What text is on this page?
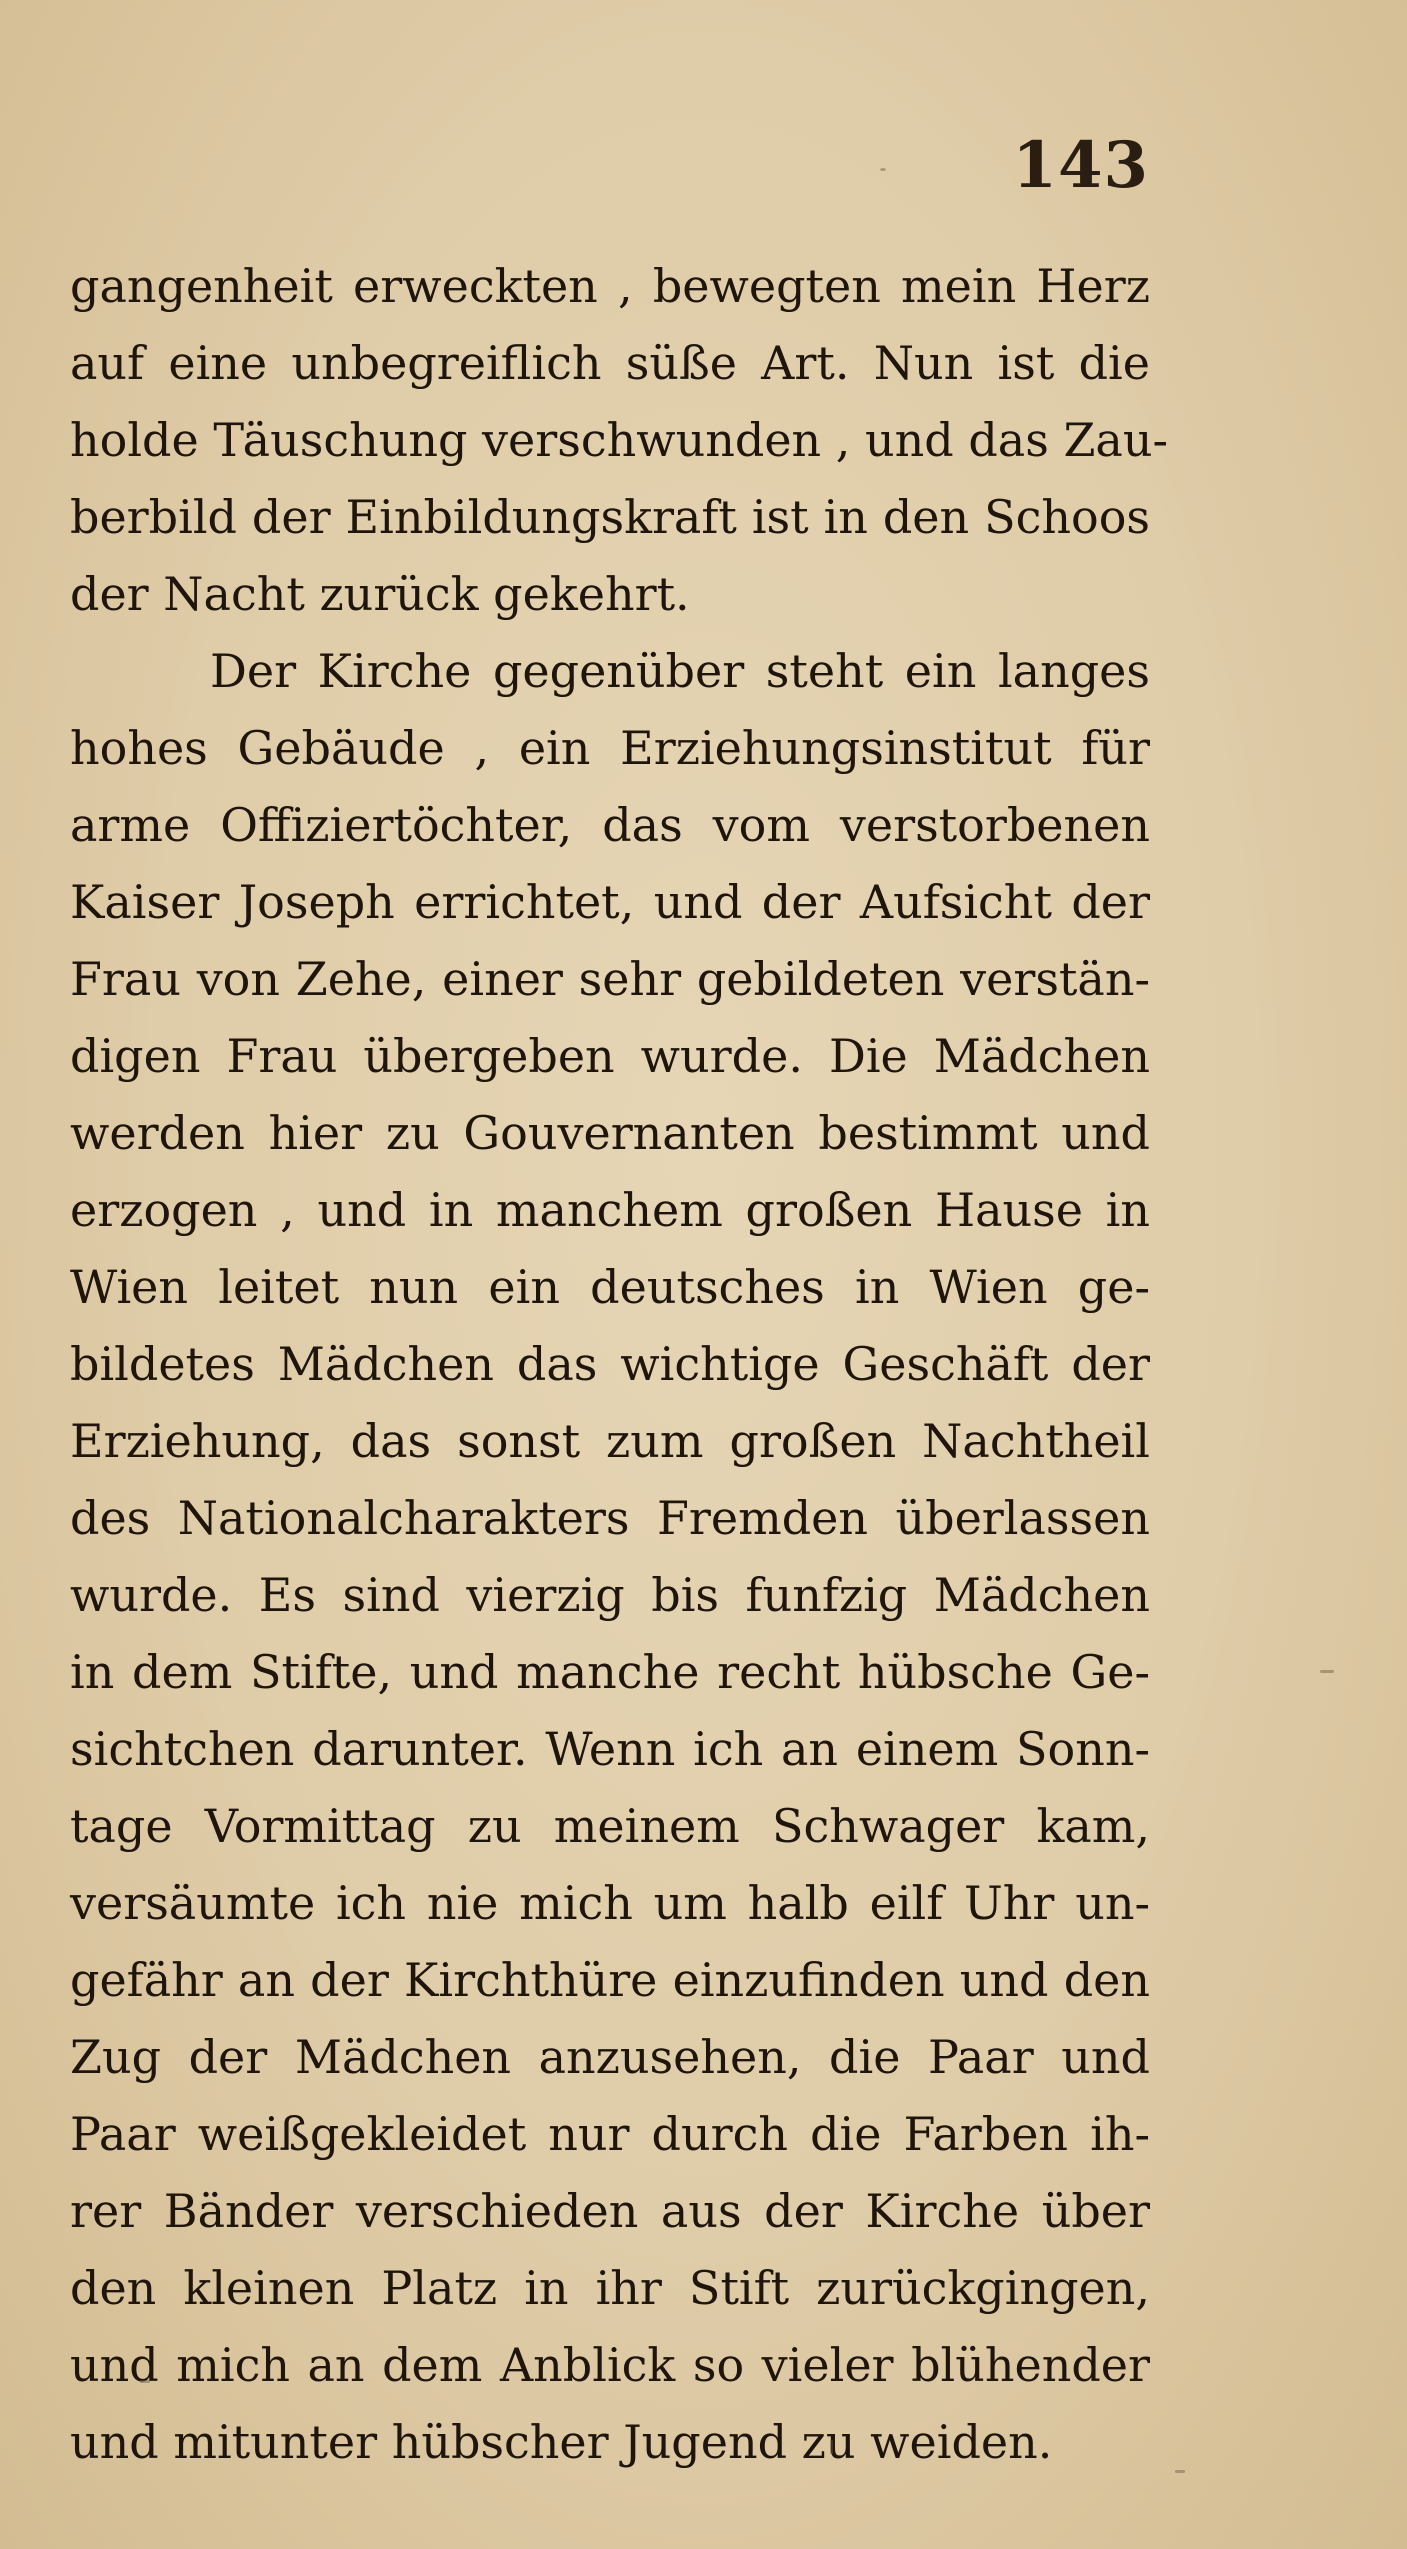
143
gangenheit erweckten , bewegten mein Herz
auf eine unbegreiflich süße Art. Nun ist die
holde Täuschung verschwunden , und das Zau-
berbild der Einbildungskraft ist in den Schoos
der Nacht zurück gekehrt.
Der Kirche gegenüber steht ein langes
hohes Gebäude , ein Erziehungsinstitut für
arme Offiziertöchter, das vom verstorbenen
Kaiser Joseph errichtet, und der Aufsicht der
Frau von Zehe, einer sehr gebildeten verstän-
digen Frau übergeben wurde. Die Mädchen
werden hier zu Gouvernanten bestimmt und
erzogen , und in manchem großen Hause in
Wien leitet nun ein deutsches in Wien ge-
bildetes Mädchen das wichtige Geschäft der
Erziehung, das sonst zum großen Nachtheil
des Nationalcharakters Fremden überlassen
wurde. Es sind vierzig bis funfzig Mädchen
in dem Stifte, und manche recht hübsche Ge-
sichtchen darunter. Wenn ich an einem Sonn-
tage Vormittag zu meinem Schwager kam,
versäumte ich nie mich um halb eilf Uhr un-
gefähr an der Kirchthüre einzufinden und den
Zug der Mädchen anzusehen, die Paar und
Paar weißgekleidet nur durch die Farben ih-
rer Bänder verschieden aus der Kirche über
den kleinen Platz in ihr Stift zurückgingen,
und mich an dem Anblick so vieler blühender
und mitunter hübscher Jugend zu weiden.
